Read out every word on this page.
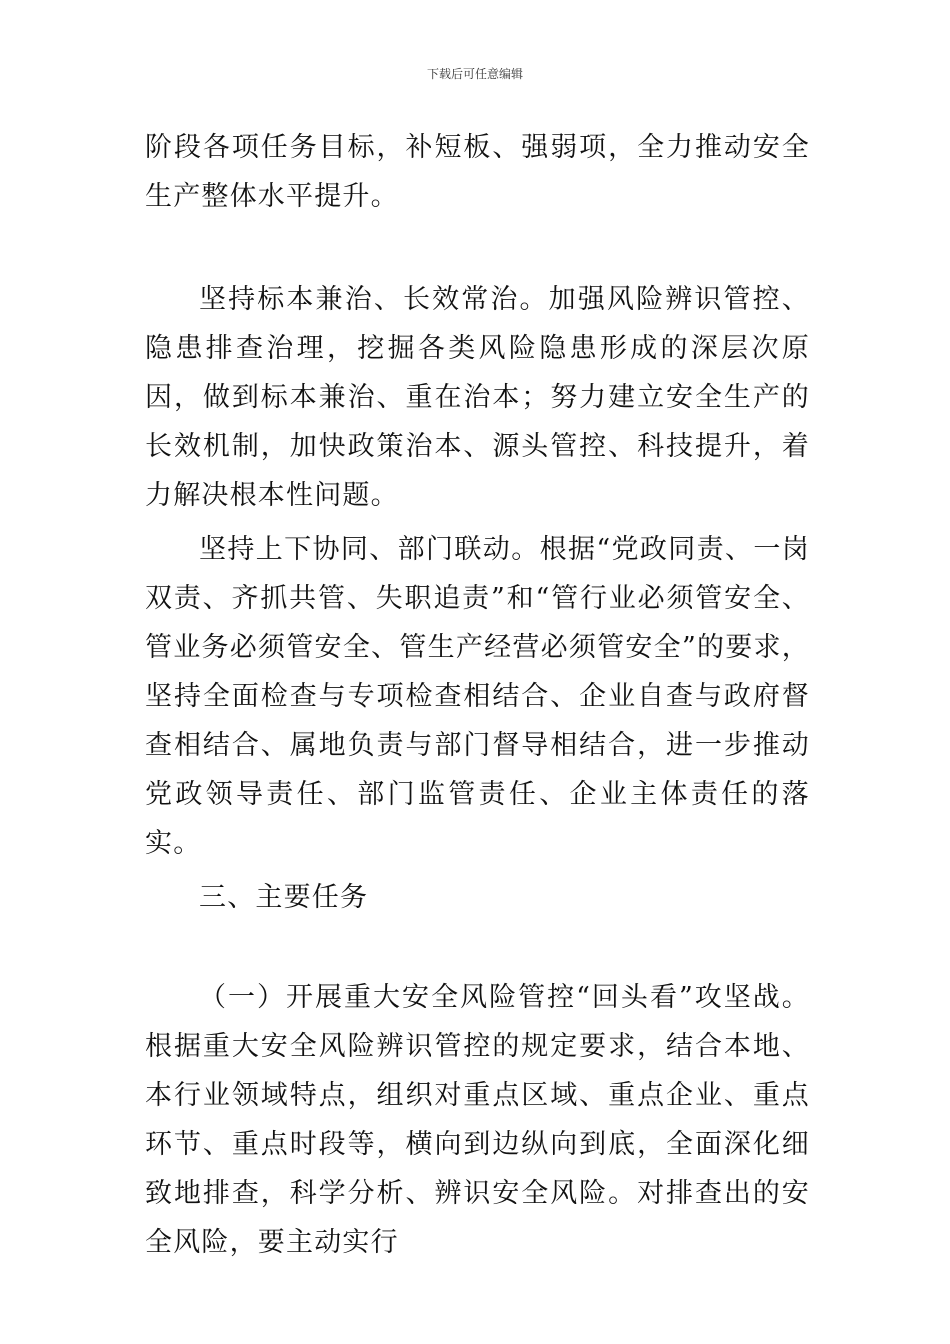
下载后可任意编辑

阶段各项任务目标，补短板、强弱项，全力推动安全生产整体水平提升。

坚持标本兼治、长效常治。加强风险辨识管控、隐患排查治理，挖掘各类风险隐患形成的深层次原因，做到标本兼治、重在治本；努力建立安全生产的长效机制，加快政策治本、源头管控、科技提升，着力解决根本性问题。

坚持上下协同、部门联动。根据“党政同责、一岗双责、齐抓共管、失职追责”和“管行业必须管安全、管业务必须管安全、管生产经营必须管安全”的要求，坚持全面检查与专项检查相结合、企业自查与政府督查相结合、属地负责与部门督导相结合，进一步推动党政领导责任、部门监管责任、企业主体责任的落实。

三、主要任务

（一）开展重大安全风险管控“回头看”攻坚战。根据重大安全风险辨识管控的规定要求，结合本地、本行业领域特点，组织对重点区域、重点企业、重点环节、重点时段等，横向到边纵向到底，全面深化细致地排查，科学分析、辨识安全风险。对排查出的安全风险，要主动实行
